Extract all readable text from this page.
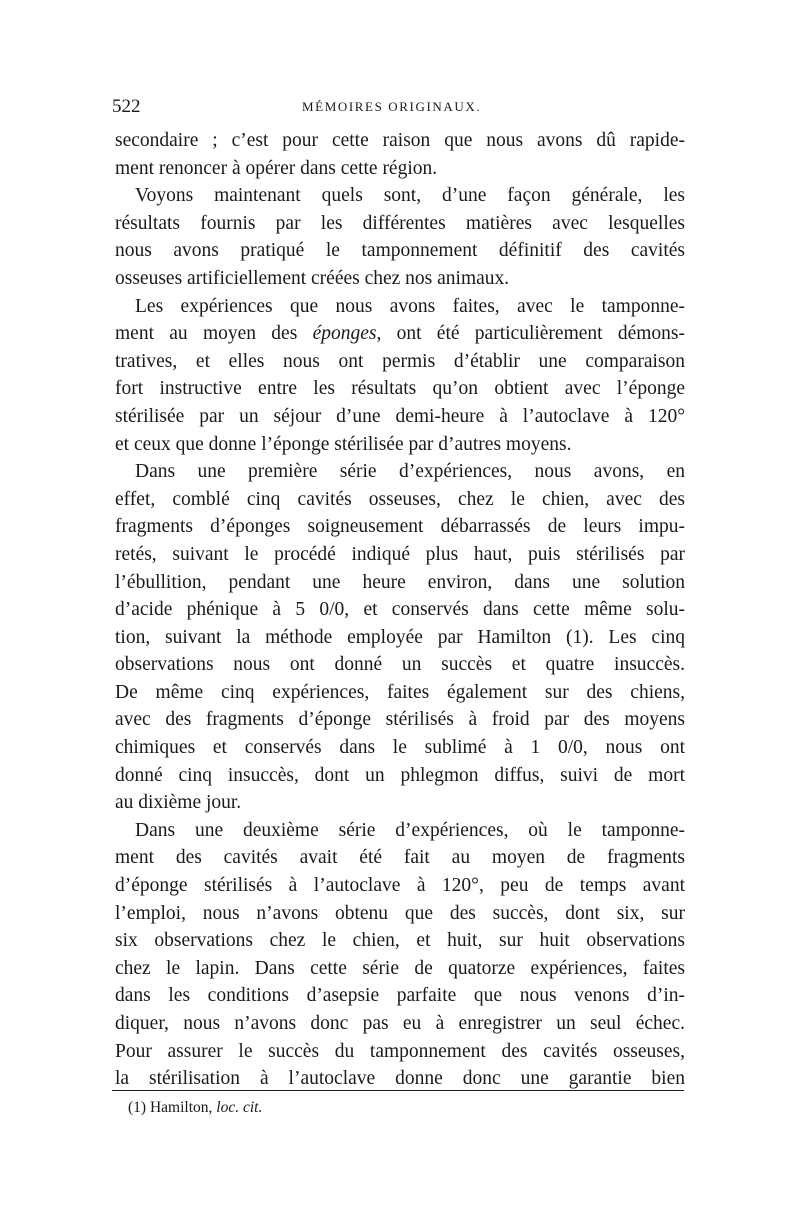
522	MÉMOIRES ORIGINAUX.
secondaire ; c’est pour cette raison que nous avons dû rapide-
ment renoncer à opérer dans cette région.
Voyons maintenant quels sont, d’une façon générale, les
résultats fournis par les différentes matières avec lesquelles
nous avons pratiqué le tamponnement définitif des cavités
osseuses artificiellement créées chez nos animaux.
Les expériences que nous avons faites, avec le tamponne-
ment au moyen des éponges, ont été particulièrement démons-
tratives, et elles nous ont permis d’établir une comparaison
fort instructive entre les résultats qu’on obtient avec l’éponge
stérilisée par un séjour d’une demi-heure à l’autoclave à 120°
et ceux que donne l’éponge stérilisée par d’autres moyens.
Dans une première série d’expériences, nous avons, en
effet, comblé cinq cavités osseuses, chez le chien, avec des
fragments d’éponges soigneusement débarrassés de leurs impu-
retés, suivant le procédé indiqué plus haut, puis stérilisés par
l’ébullition, pendant une heure environ, dans une solution
d’acide phénique à 5 0/0, et conservés dans cette même solu-
tion, suivant la méthode employée par Hamilton (1). Les cinq
observations nous ont donné un succès et quatre insuccès.
De même cinq expériences, faites également sur des chiens,
avec des fragments d’éponge stérilisés à froid par des moyens
chimiques et conservés dans le sublimé à 1 0/0, nous ont
donné cinq insuccès, dont un phlegmon diffus, suivi de mort
au dixième jour.
Dans une deuxième série d’expériences, où le tamponne-
ment des cavités avait été fait au moyen de fragments
d’éponge stérilisés à l’autoclave à 120°, peu de temps avant
l’emploi, nous n’avons obtenu que des succès, dont six, sur
six observations chez le chien, et huit, sur huit observations
chez le lapin. Dans cette série de quatorze expériences, faites
dans les conditions d’asepsie parfaite que nous venons d’in-
diquer, nous n’avons donc pas eu à enregistrer un seul échec.
Pour assurer le succès du tamponnement des cavités osseuses,
la stérilisation à l’autoclave donne donc une garantie bien
(1) Hamilton, loc. cit.
